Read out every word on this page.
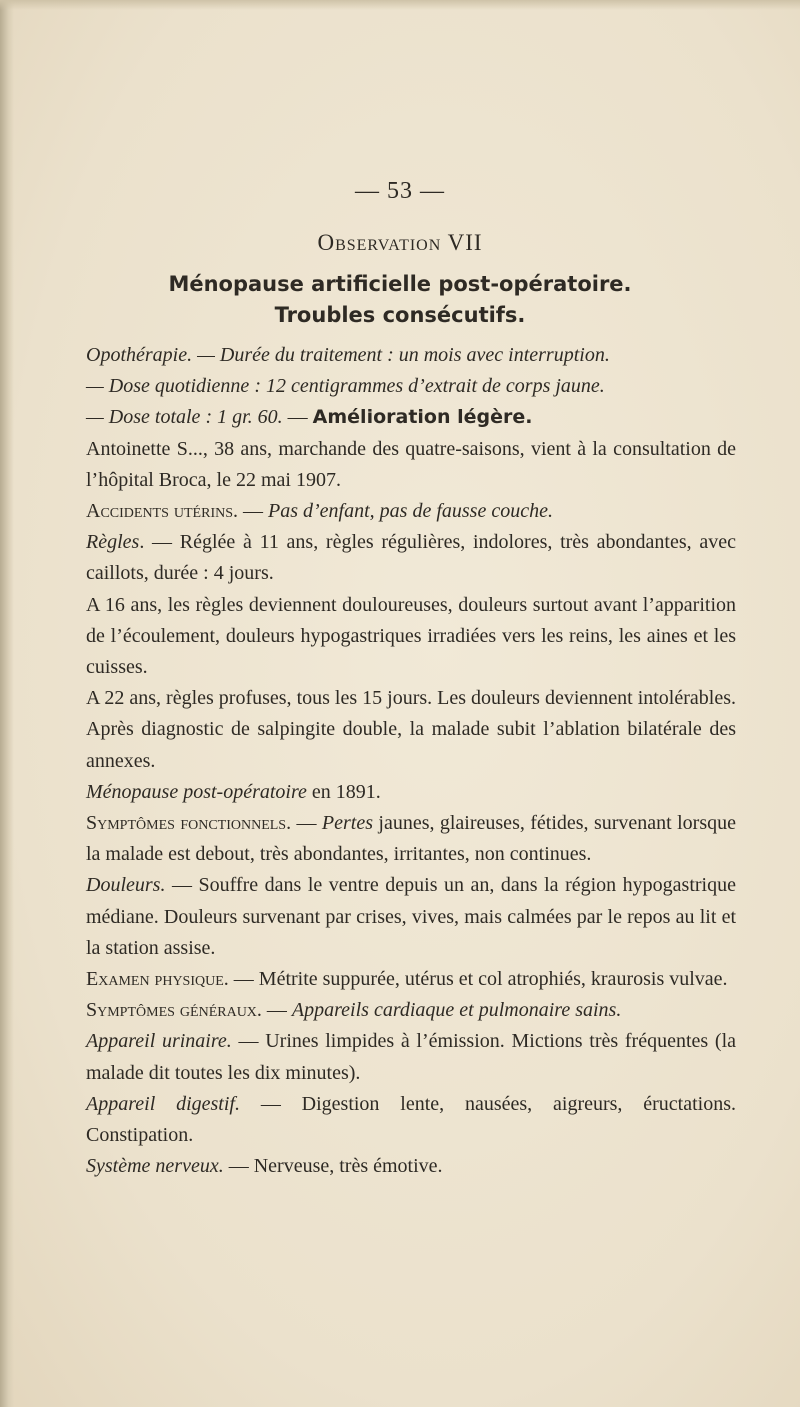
— 53 —
Observation VII
Ménopause artificielle post-opératoire.
Troubles consécutifs.

Opothérapie. — Durée du traitement : un mois avec interruption.

— Dose quotidienne : 12 centigrammes d’extrait de corps jaune.

— Dose totale : 1 gr. 60. — Amélioration légère.

Antoinette S..., 38 ans, marchande des quatre-saisons, vient à la consultation de l’hôpital Broca, le 22 mai 1907.

Accidents utérins. — Pas d’enfant, pas de fausse couche.

Règles. — Réglée à 11 ans, règles régulières, indolores, très abondantes, avec caillots, durée : 4 jours.

A 16 ans, les règles deviennent douloureuses, douleurs surtout avant l’apparition de l’écoulement, douleurs hypogastriques irradiées vers les reins, les aines et les cuisses.

A 22 ans, règles profuses, tous les 15 jours. Les douleurs deviennent intolérables. Après diagnostic de salpingite double, la malade subit l’ablation bilatérale des annexes.

Ménopause post-opératoire en 1891.

Symptômes fonctionnels. — Pertes jaunes, glaireuses, fétides, survenant lorsque la malade est debout, très abondantes, irritantes, non continues.

Douleurs. — Souffre dans le ventre depuis un an, dans la région hypogastrique médiane. Douleurs survenant par crises, vives, mais calmées par le repos au lit et la station assise.

Examen physique. — Métrite suppurée, utérus et col atrophiés, kraurosis vulvae.

Symptômes généraux. — Appareils cardiaque et pulmonaire sains.

Appareil urinaire. — Urines limpides à l’émission. Mictions très fréquentes (la malade dit toutes les dix minutes).

Appareil digestif. — Digestion lente, nausées, aigreurs, éructations. Constipation.

Système nerveux. — Nerveuse, très émotive.
